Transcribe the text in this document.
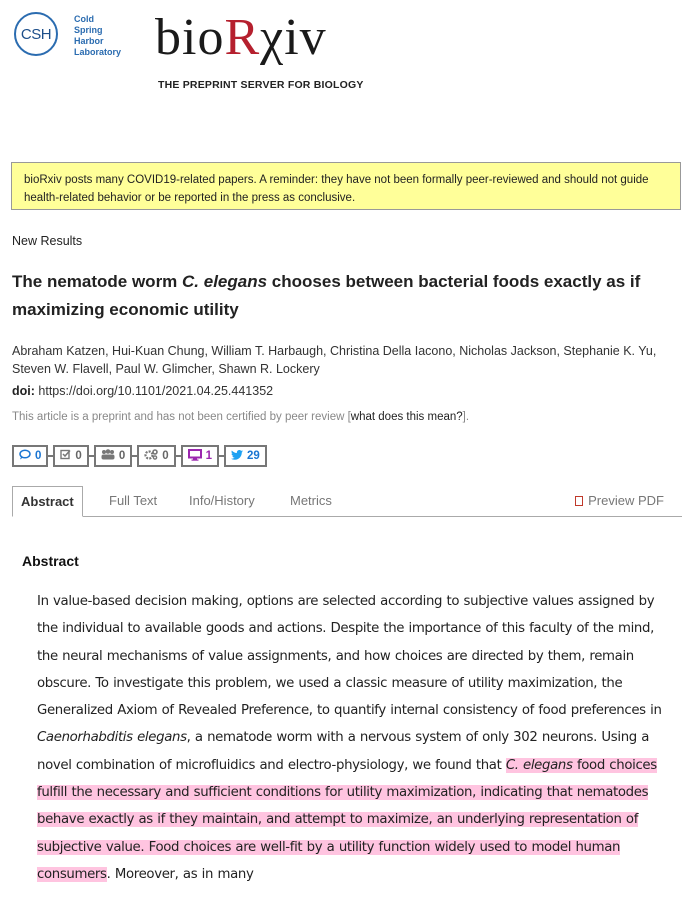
CSH
Cold
Spring
Harbor
Laboratory bioRχiv
THE PREPRINT SERVER FOR BIOLOGY
bioRxiv posts many COVID19-related papers. A reminder: they have not been formally peer-reviewed and should not guide health-related behavior or be reported in the press as conclusive.
New Results
The nematode worm C. elegans chooses between bacterial foods exactly as if maximizing economic utility
Abraham Katzen, Hui-Kuan Chung, William T. Harbaugh, Christina Della Iacono, Nicholas Jackson, Stephanie K. Yu, Steven W. Flavell, Paul W. Glimcher, Shawn R. Lockery
doi: https://doi.org/10.1101/2021.04.25.441352
This article is a preprint and has not been certified by peer review [what does this mean?].
0	0	0	0	1	29
Abstract	Full Text Info/History	Metrics	Preview PDF
Abstract
In value-based decision making, options are selected according to subjective values assigned by the individual to available goods and actions. Despite the importance of this faculty of the mind, the neural mechanisms of value assignments, and how choices are directed by them, remain obscure. To investigate this problem, we used a classic measure of utility maximization, the Generalized Axiom of Revealed Preference, to quantify internal consistency of food preferences in Caenorhabditis elegans, a nematode worm with a nervous system of only 302 neurons. Using a novel combination of microfluidics and electro-physiology, we found that C. elegans food choices fulfill the necessary and sufficient conditions for utility maximization, indicating that nematodes behave exactly as if they maintain, and attempt to maximize, an underlying representation of subjective value. Food choices are well-fit by a utility function widely used to model human consumers. Moreover, as in many
